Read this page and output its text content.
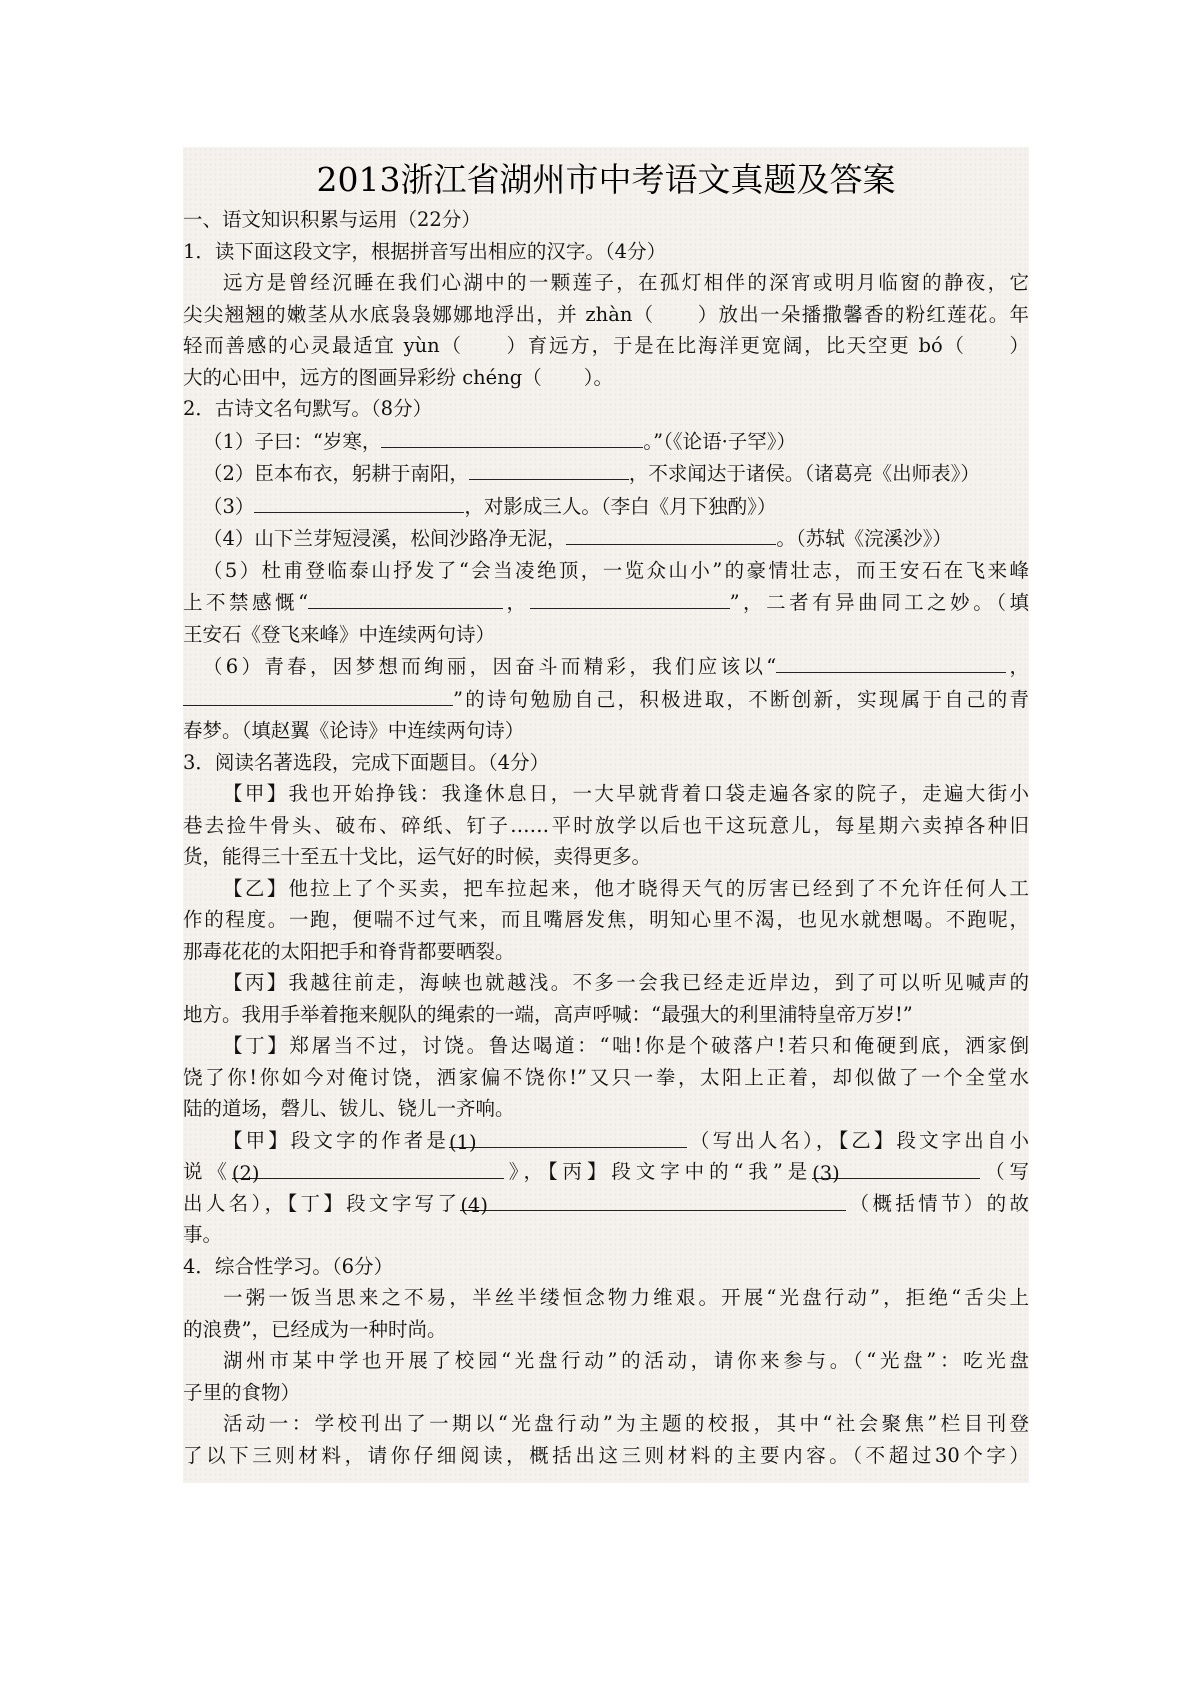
2013浙江省湖州市中考语文真题及答案
一、语文知识积累与运用（22分）
1．读下面这段文字，根据拼音写出相应的汉字。（4分）
远方是曾经沉睡在我们心湖中的一颗莲子，在孤灯相伴的深宵或明月临窗的静夜，它
尖尖翘翘的嫩茎从水底袅袅娜娜地浮出，并 zhàn（ ）放出一朵播撒馨香的粉红莲花。年
轻而善感的心灵最适宜 yùn（ ）育远方，于是在比海洋更宽阔，比天空更 bó（ ）
大的心田中，远方的图画异彩纷 chéng（ ）。
2．古诗文名句默写。（8分）
（1）子曰：“岁寒，	。”（《论语·子罕》）
（2）臣本布衣，躬耕于南阳，	，不求闻达于诸侯。（诸葛亮《出师表》）
（3）	，对影成三人。（李白《月下独酌》）
（4）山下兰芽短浸溪，松间沙路净无泥，	。（苏轼《浣溪沙》）
（5）杜甫登临泰山抒发了“会当凌绝顶，一览众山小”的豪情壮志，而王安石在飞来峰
上不禁感慨“	，	”，二者有异曲同工之妙。（填
王安石《登飞来峰》中连续两句诗）
（6）青春，因梦想而绚丽，因奋斗而精彩，我们应该以“	，
”的诗句勉励自己，积极进取，不断创新，实现属于自己的青
春梦。（填赵翼《论诗》中连续两句诗）
3．阅读名著选段，完成下面题目。（4分）
【甲】我也开始挣钱：我逢休息日，一大早就背着口袋走遍各家的院子，走遍大街小
巷去捡牛骨头、破布、碎纸、钉子……平时放学以后也干这玩意儿，每星期六卖掉各种旧
货，能得三十至五十戈比，运气好的时候，卖得更多。
【乙】他拉上了个买卖，把车拉起来，他才晓得天气的厉害已经到了不允许任何人工
作的程度。一跑，便喘不过气来，而且嘴唇发焦，明知心里不渴，也见水就想喝。不跑呢，
那毒花花的太阳把手和脊背都要晒裂。
【丙】我越往前走，海峡也就越浅。不多一会我已经走近岸边，到了可以听见喊声的
地方。我用手举着拖来舰队的绳索的一端，高声呼喊：“最强大的利里浦特皇帝万岁!”
【丁】郑屠当不过，讨饶。鲁达喝道：“咄!你是个破落户!若只和俺硬到底，洒家倒
饶了你!你如今对俺讨饶，洒家偏不饶你!”又只一拳，太阳上正着，却似做了一个全堂水
陆的道场，磬儿、钹儿、铙儿一齐响。
【甲】段文字的作者是(1)	（写出人名），【乙】段文字出自小
说《(2)	》，【丙】段文字中的“我”是(3)	（写
出人名），【丁】段文字写了(4)	（概括情节）的故
事。
4．综合性学习。（6分）
一粥一饭当思来之不易，半丝半缕恒念物力维艰。开展“光盘行动”，拒绝“舌尖上
的浪费”，已经成为一种时尚。
湖州市某中学也开展了校园“光盘行动”的活动，请你来参与。（“光盘”：吃光盘
子里的食物）
活动一：学校刊出了一期以“光盘行动”为主题的校报，其中“社会聚焦”栏目刊登
了以下三则材料，请你仔细阅读，概括出这三则材料的主要内容。（不超过30个字）
